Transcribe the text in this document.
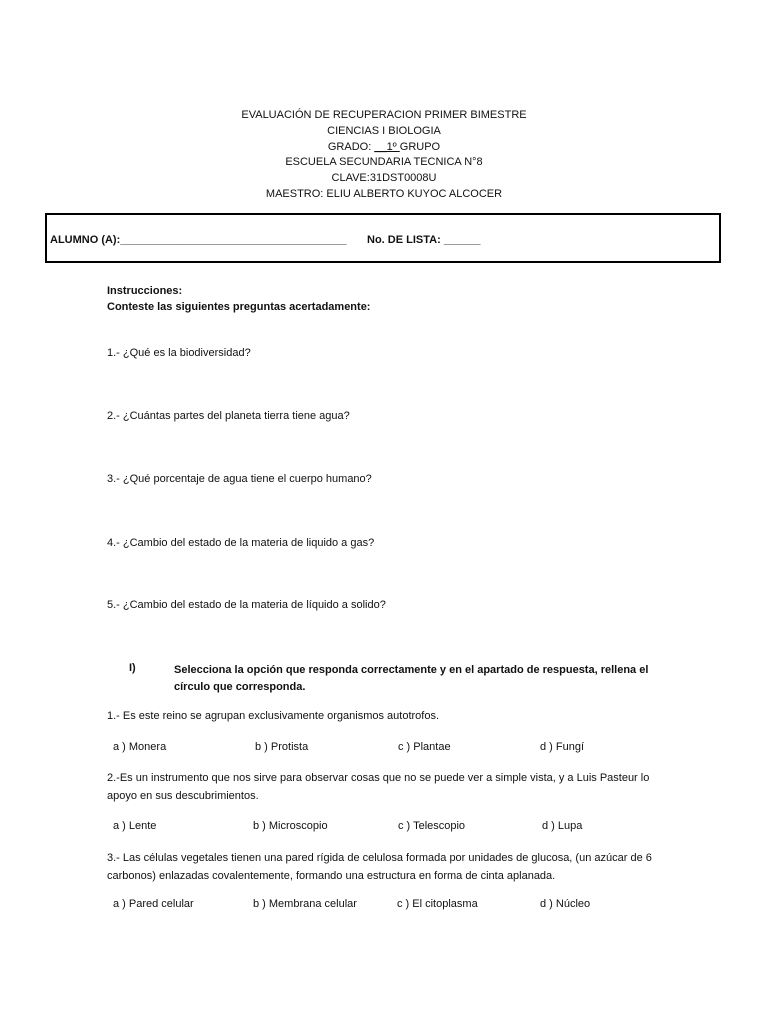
EVALUACIÓN DE RECUPERACION PRIMER BIMESTRE
CIENCIAS I BIOLOGIA
GRADO: __1º GRUPO
ESCUELA SECUNDARIA TECNICA N°8
CLAVE:31DST0008U
MAESTRO: ELIU ALBERTO KUYOC ALCOCER
ALUMNO (A):_____________________________________ No. DE LISTA: ______
Instrucciones:
Conteste las siguientes preguntas acertadamente:
1.- ¿Qué es la biodiversidad?
2.- ¿Cuántas partes del planeta tierra tiene agua?
3.- ¿Qué porcentaje de agua tiene el cuerpo humano?
4.- ¿Cambio del estado de la materia de liquido a gas?
5.- ¿Cambio del estado de la materia de líquido a solido?
I)	Selecciona la opción que responda correctamente y en el apartado de respuesta, rellena el círculo que corresponda.
1.- Es este reino se agrupan exclusivamente organismos autotrofos.
a ) Monera	b ) Protista	c ) Plantae	d ) Fungí
2.-Es un instrumento que nos sirve para observar cosas que no se puede ver a simple vista, y a Luis Pasteur lo apoyo en sus descubrimientos.
a ) Lente	b ) Microscopio	c ) Telescopio	d ) Lupa
3.- Las células vegetales tienen una pared rígida de celulosa formada por unidades de glucosa, (un azúcar de 6 carbonos) enlazadas covalentemente, formando una estructura en forma de cinta aplanada.
a ) Pared celular	b ) Membrana celular	c ) El citoplasma	d ) Núcleo
